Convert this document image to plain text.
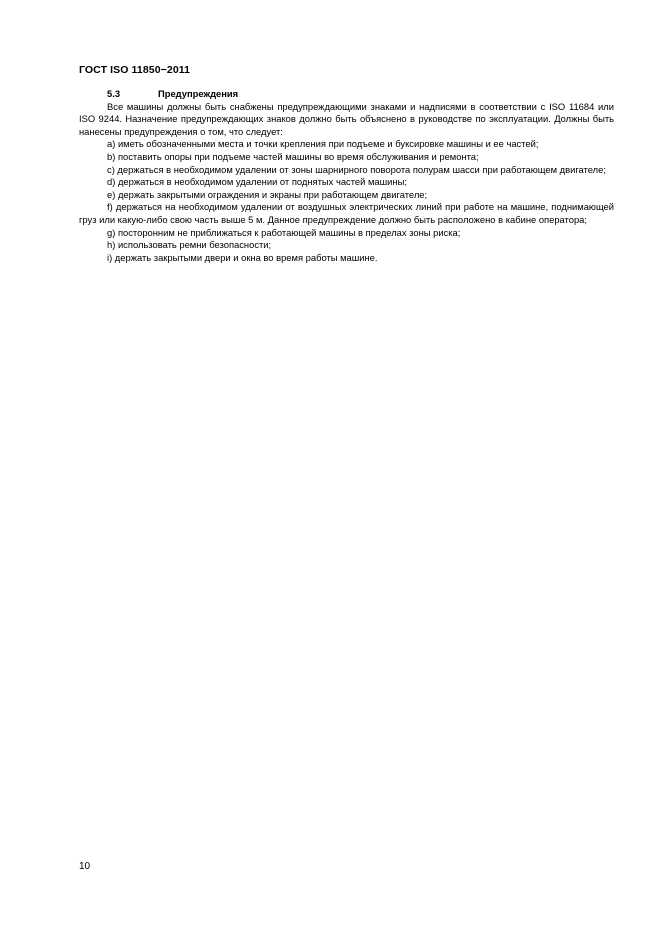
ГОСТ ISO 11850−2011
5.3	Предупреждения

Все машины должны быть снабжены предупреждающими знаками и надписями в соответствии с ISO 11684 или ISO 9244. Назначение предупреждающих знаков должно быть объяснено в руководстве по эксплуатации. Должны быть нанесены предупреждения о том, что следует:

a) иметь обозначенными места и точки крепления при подъеме и буксировке машины и ее частей;

b) поставить опоры при подъеме частей машины во время обслуживания и ремонта;

c) держаться в необходимом удалении от зоны шарнирного поворота полурам шасси при работающем двигателе;

d) держаться в необходимом удалении от поднятых частей машины;

e) держать закрытыми ограждения и экраны при работающем двигателе;

f) держаться на необходимом удалении от воздушных электрических линий при работе на машине, поднимающей груз или какую-либо свою часть выше 5 м. Данное предупреждение должно быть расположено в кабине оператора;

g) посторонним не приближаться к работающей машины в пределах зоны риска;

h) использовать ремни безопасности;

i) держать закрытыми двери и окна во время работы машине.

10
